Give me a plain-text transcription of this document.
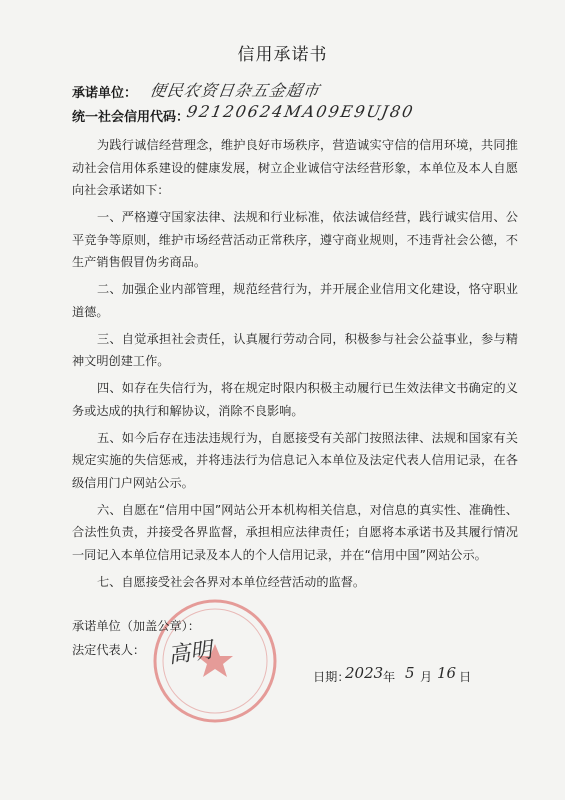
信用承诺书
承诺单位： 便民农资日杂五金超市
统一社会信用代码：
92120624MA09E9UJ80

为践行诚信经营理念，维护良好市场秩序，营造诚实守信的信用环境，共同推动社会信用体系建设的健康发展，树立企业诚信守法经营形象，本单位及本人自愿向社会承诺如下：

一、严格遵守国家法律、法规和行业标准，依法诚信经营，践行诚实信用、公平竞争等原则，维护市场经营活动正常秩序，遵守商业规则，不违背社会公德，不生产销售假冒伪劣商品。

二、加强企业内部管理，规范经营行为，并开展企业信用文化建设，恪守职业道德。

三、自觉承担社会责任，认真履行劳动合同，积极参与社会公益事业，参与精神文明创建工作。

四、如存在失信行为，将在规定时限内积极主动履行已生效法律文书确定的义务或达成的执行和解协议，消除不良影响。

五、如今后存在违法违规行为，自愿接受有关部门按照法律、法规和国家有关规定实施的失信惩戒，并将违法行为信息记入本单位及法定代表人信用记录，在各级信用门户网站公示。

六、自愿在“信用中国”网站公开本机构相关信息，对信息的真实性、准确性、合法性负责，并接受各界监督，承担相应法律责任；自愿将本承诺书及其履行情况一同记入本单位信用记录及本人的个人信用记录，并在“信用中国”网站公示。

七、自愿接受社会各界对本单位经营活动的监督。

承诺单位（加盖公章）：
法定代表人： 高明
日期：
2023 年 5 月 16 日
